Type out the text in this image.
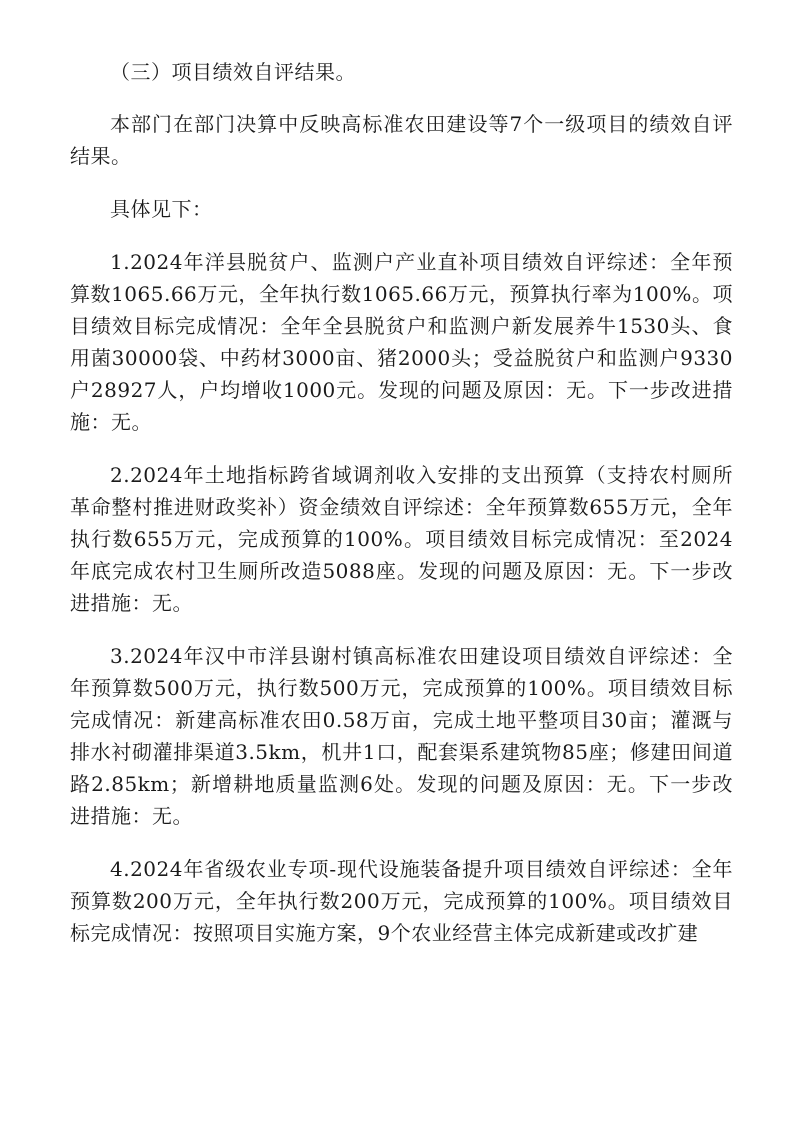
（三）项目绩效自评结果。

本部门在部门决算中反映高标准农田建设等7个一级项目的绩效自评结果。

具体见下：

1.2024年洋县脱贫户、监测户产业直补项目绩效自评综述：全年预算数1065.66万元，全年执行数1065.66万元，预算执行率为100%。项目绩效目标完成情况：全年全县脱贫户和监测户新发展养牛1530头、食用菌30000袋、中药材3000亩、猪2000头；受益脱贫户和监测户9330户28927人，户均增收1000元。发现的问题及原因：无。下一步改进措施：无。

2.2024年土地指标跨省域调剂收入安排的支出预算（支持农村厕所革命整村推进财政奖补）资金绩效自评综述：全年预算数655万元，全年执行数655万元，完成预算的100%。项目绩效目标完成情况：至2024年底完成农村卫生厕所改造5088座。发现的问题及原因：无。下一步改进措施：无。

3.2024年汉中市洋县谢村镇高标准农田建设项目绩效自评综述：全年预算数500万元，执行数500万元，完成预算的100%。项目绩效目标完成情况：新建高标准农田0.58万亩，完成土地平整项目30亩；灌溉与排水衬砌灌排渠道3.5km，机井1口，配套渠系建筑物85座；修建田间道路2.85km；新增耕地质量监测6处。发现的问题及原因：无。下一步改进措施：无。

4.2024年省级农业专项-现代设施装备提升项目绩效自评综述：全年预算数200万元，全年执行数200万元，完成预算的100%。项目绩效目标完成情况：按照项目实施方案，9个农业经营主体完成新建或改扩建
